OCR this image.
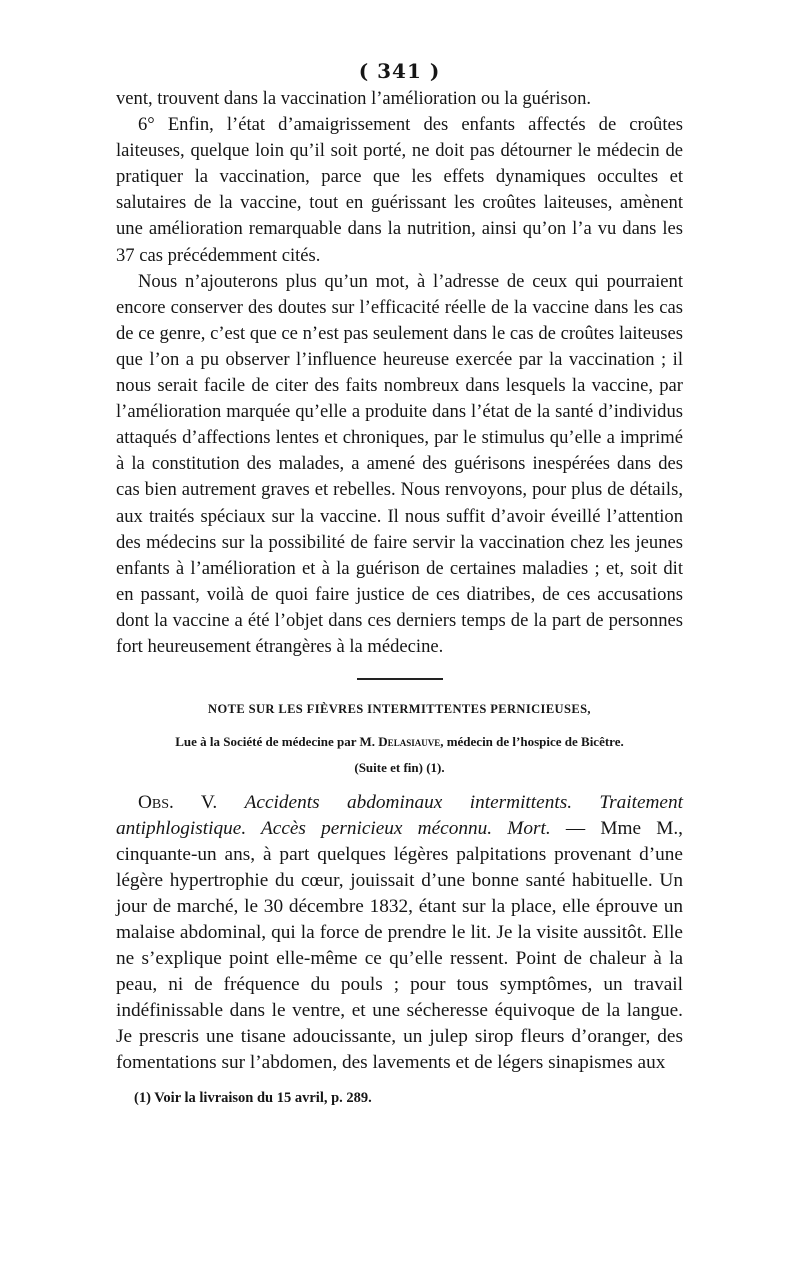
( 341 )

vent, trouvent dans la vaccination l’amélioration ou la guérison.

6° Enfin, l’état d’amaigrissement des enfants affectés de croûtes laiteuses, quelque loin qu’il soit porté, ne doit pas détourner le médecin de pratiquer la vaccination, parce que les effets dynamiques occultes et salutaires de la vaccine, tout en guérissant les croûtes laiteuses, amènent une amélioration remarquable dans la nutrition, ainsi qu’on l’a vu dans les 37 cas précédemment cités.

Nous n’ajouterons plus qu’un mot, à l’adresse de ceux qui pourraient encore conserver des doutes sur l’efficacité réelle de la vaccine dans les cas de ce genre, c’est que ce n’est pas seulement dans le cas de croûtes laiteuses que l’on a pu observer l’influence heureuse exercée par la vaccination ; il nous serait facile de citer des faits nombreux dans lesquels la vaccine, par l’amélioration marquée qu’elle a produite dans l’état de la santé d’individus attaqués d’affections lentes et chroniques, par le stimulus qu’elle a imprimé à la constitution des malades, a amené des guérisons inespérées dans des cas bien autrement graves et rebelles. Nous renvoyons, pour plus de détails, aux traités spéciaux sur la vaccine. Il nous suffit d’avoir éveillé l’attention des médecins sur la possibilité de faire servir la vaccination chez les jeunes enfants à l’amélioration et à la guérison de certaines maladies ; et, soit dit en passant, voilà de quoi faire justice de ces diatribes, de ces accusations dont la vaccine a été l’objet dans ces derniers temps de la part de personnes fort heureusement étrangères à la médecine.

NOTE SUR LES FIÈVRES INTERMITTENTES PERNICIEUSES,
Lue à la Société de médecine par M. Delasiauve, médecin de l’hospice de Bicêtre.
(Suite et fin) (1).

Obs. V. Accidents abdominaux intermittents. Traitement antiphlogistique. Accès pernicieux méconnu. Mort. — Mme M., cinquante-un ans, à part quelques légères palpitations provenant d’une légère hypertrophie du cœur, jouissait d’une bonne santé habituelle. Un jour de marché, le 30 décembre 1832, étant sur la place, elle éprouve un malaise abdominal, qui la force de prendre le lit. Je la visite aussitôt. Elle ne s’explique point elle-même ce qu’elle ressent. Point de chaleur à la peau, ni de fréquence du pouls ; pour tous symptômes, un travail indéfinissable dans le ventre, et une sécheresse équivoque de la langue. Je prescris une tisane adoucissante, un julep sirop fleurs d’oranger, des fomentations sur l’abdomen, des lavements et de légers sinapismes aux

(1) Voir la livraison du 15 avril, p. 289.
